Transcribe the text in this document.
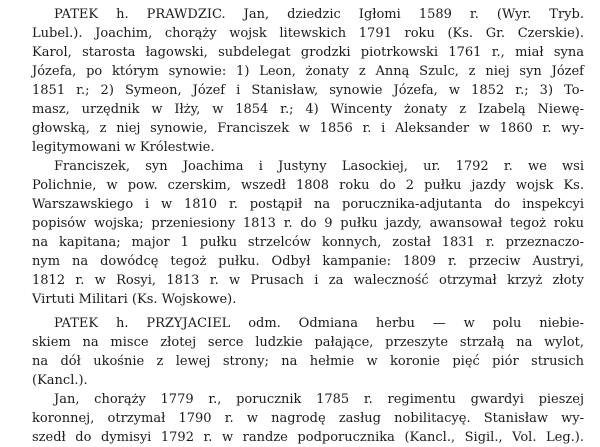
PATEK h. PRAWDZIC. Jan, dziedzic Igłomi 1589 r. (Wyr. Tryb.
Lubel.). Joachim, chorąży wojsk litewskich 1791 roku (Ks. Gr. Czerskie).
Karol, starosta łagowski, subdelegat grodzki piotrkowski 1761 r., miał syna
Józefa, po którym synowie: 1) Leon, żonaty z Anną Szulc, z niej syn Józef
1851 r.; 2) Symeon, Józef i Stanisław, synowie Józefa, w 1852 r.; 3) To-
masz, urzędnik w Iłży, w 1854 r.; 4) Wincenty żonaty z Izabelą Niewę-
głowską, z niej synowie, Franciszek w 1856 r. i Aleksander w 1860 r. wy-
legitymowani w Królestwie.
Franciszek, syn Joachima i Justyny Lasockiej, ur. 1792 r. we wsi
Polichnie, w pow. czerskim, wszedł 1808 roku do 2 pułku jazdy wojsk Ks.
Warszawskiego i w 1810 r. postąpił na porucznika-adjutanta do inspekcyi
popisów wojska; przeniesiony 1813 r. do 9 pułku jazdy, awansował tegoż roku
na kapitana; major 1 pułku strzelców konnych, został 1831 r. przeznaczo-
nym na dowódcę tegoż pułku. Odbył kampanie: 1809 r. przeciw Austryi,
1812 r. w Rosyi, 1813 r. w Prusach i za waleczność otrzymał krzyż złoty
Virtuti Militari (Ks. Wojskowe).
PATEK h. PRZYJACIEL odm. Odmiana herbu — w polu niebie-
skiem na misce złotej serce ludzkie pałające, przeszyte strzałą na wylot,
na dół ukośnie z lewej strony; na hełmie w koronie pięć piór strusich
(Kancl.).
Jan, chorąży 1779 r., porucznik 1785 r. regimentu gwardyi pieszej
koronnej, otrzymał 1790 r. w nagrodę zasług nobilitacyę. Stanisław wy-
szedł do dymisyi 1792 r. w randze podporucznika (Kancl., Sigil., Vol. Leg.).
